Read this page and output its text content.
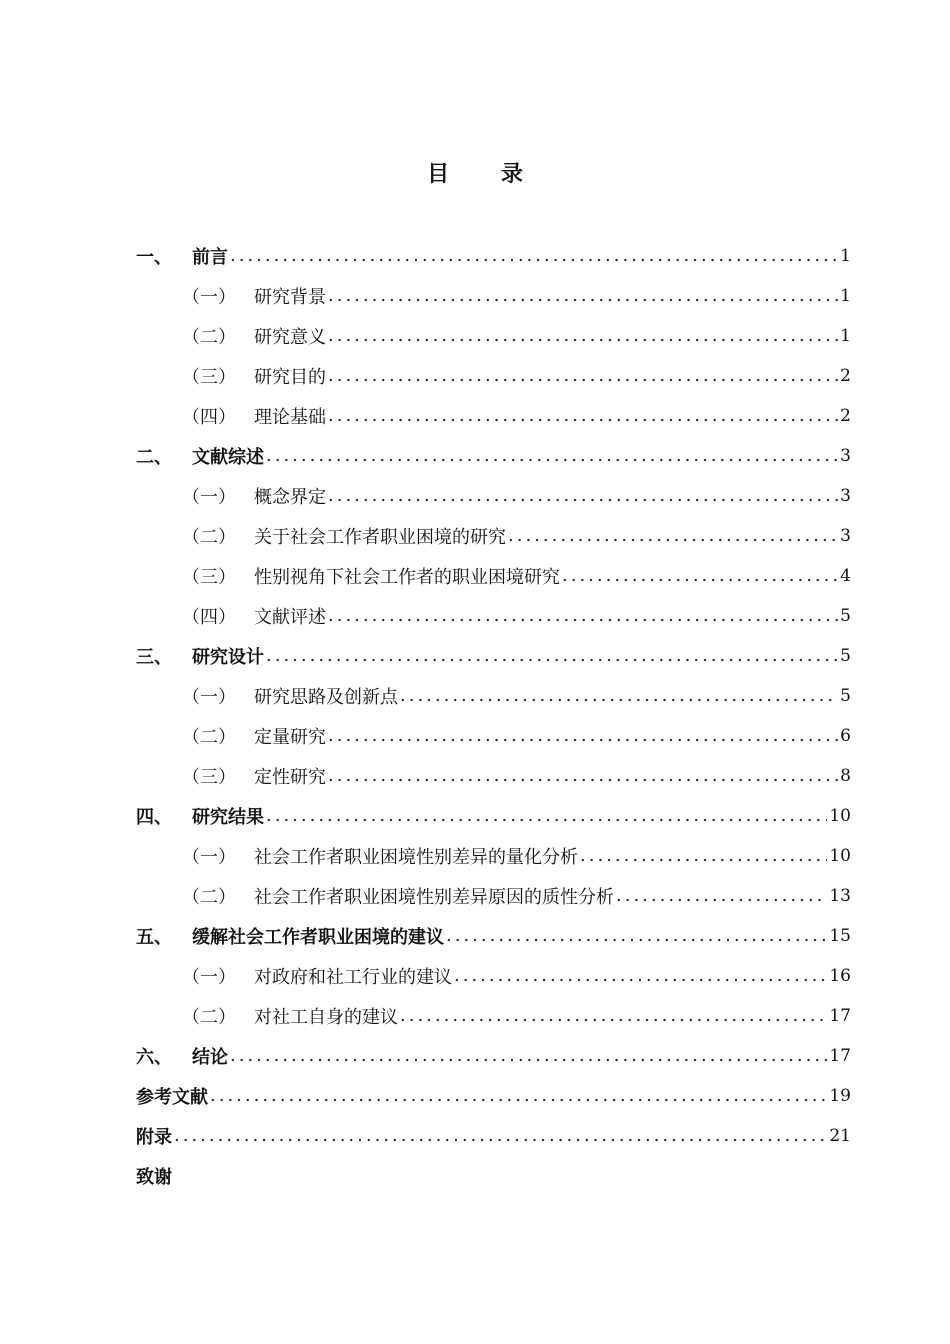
目 录
一、	前言 .....	1
（一）	研究背景 .....	1
（二）	研究意义 .....	1
（三）	研究目的 .....	2
（四）	理论基础 .....	2
二、	文献综述 .....	3
（一）	概念界定 .....	3
（二）	关于社会工作者职业困境的研究 .....	3
（三）	性别视角下社会工作者的职业困境研究 .....	4
（四）	文献评述 .....	5
三、	研究设计 .....	5
（一）	研究思路及创新点 .....	5
（二）	定量研究 .....	6
（三）	定性研究 .....	8
四、	研究结果 .....	10
（一）	社会工作者职业困境性别差异的量化分析 .....	10
（二）	社会工作者职业困境性别差异原因的质性分析 .....	13
五、	缓解社会工作者职业困境的建议 .....	15
（一）	对政府和社工行业的建议 .....	16
（二）	对社工自身的建议 .....	17
六、	结论 .....	17
参考文献 .....	19
附录 .....	21
致谢
